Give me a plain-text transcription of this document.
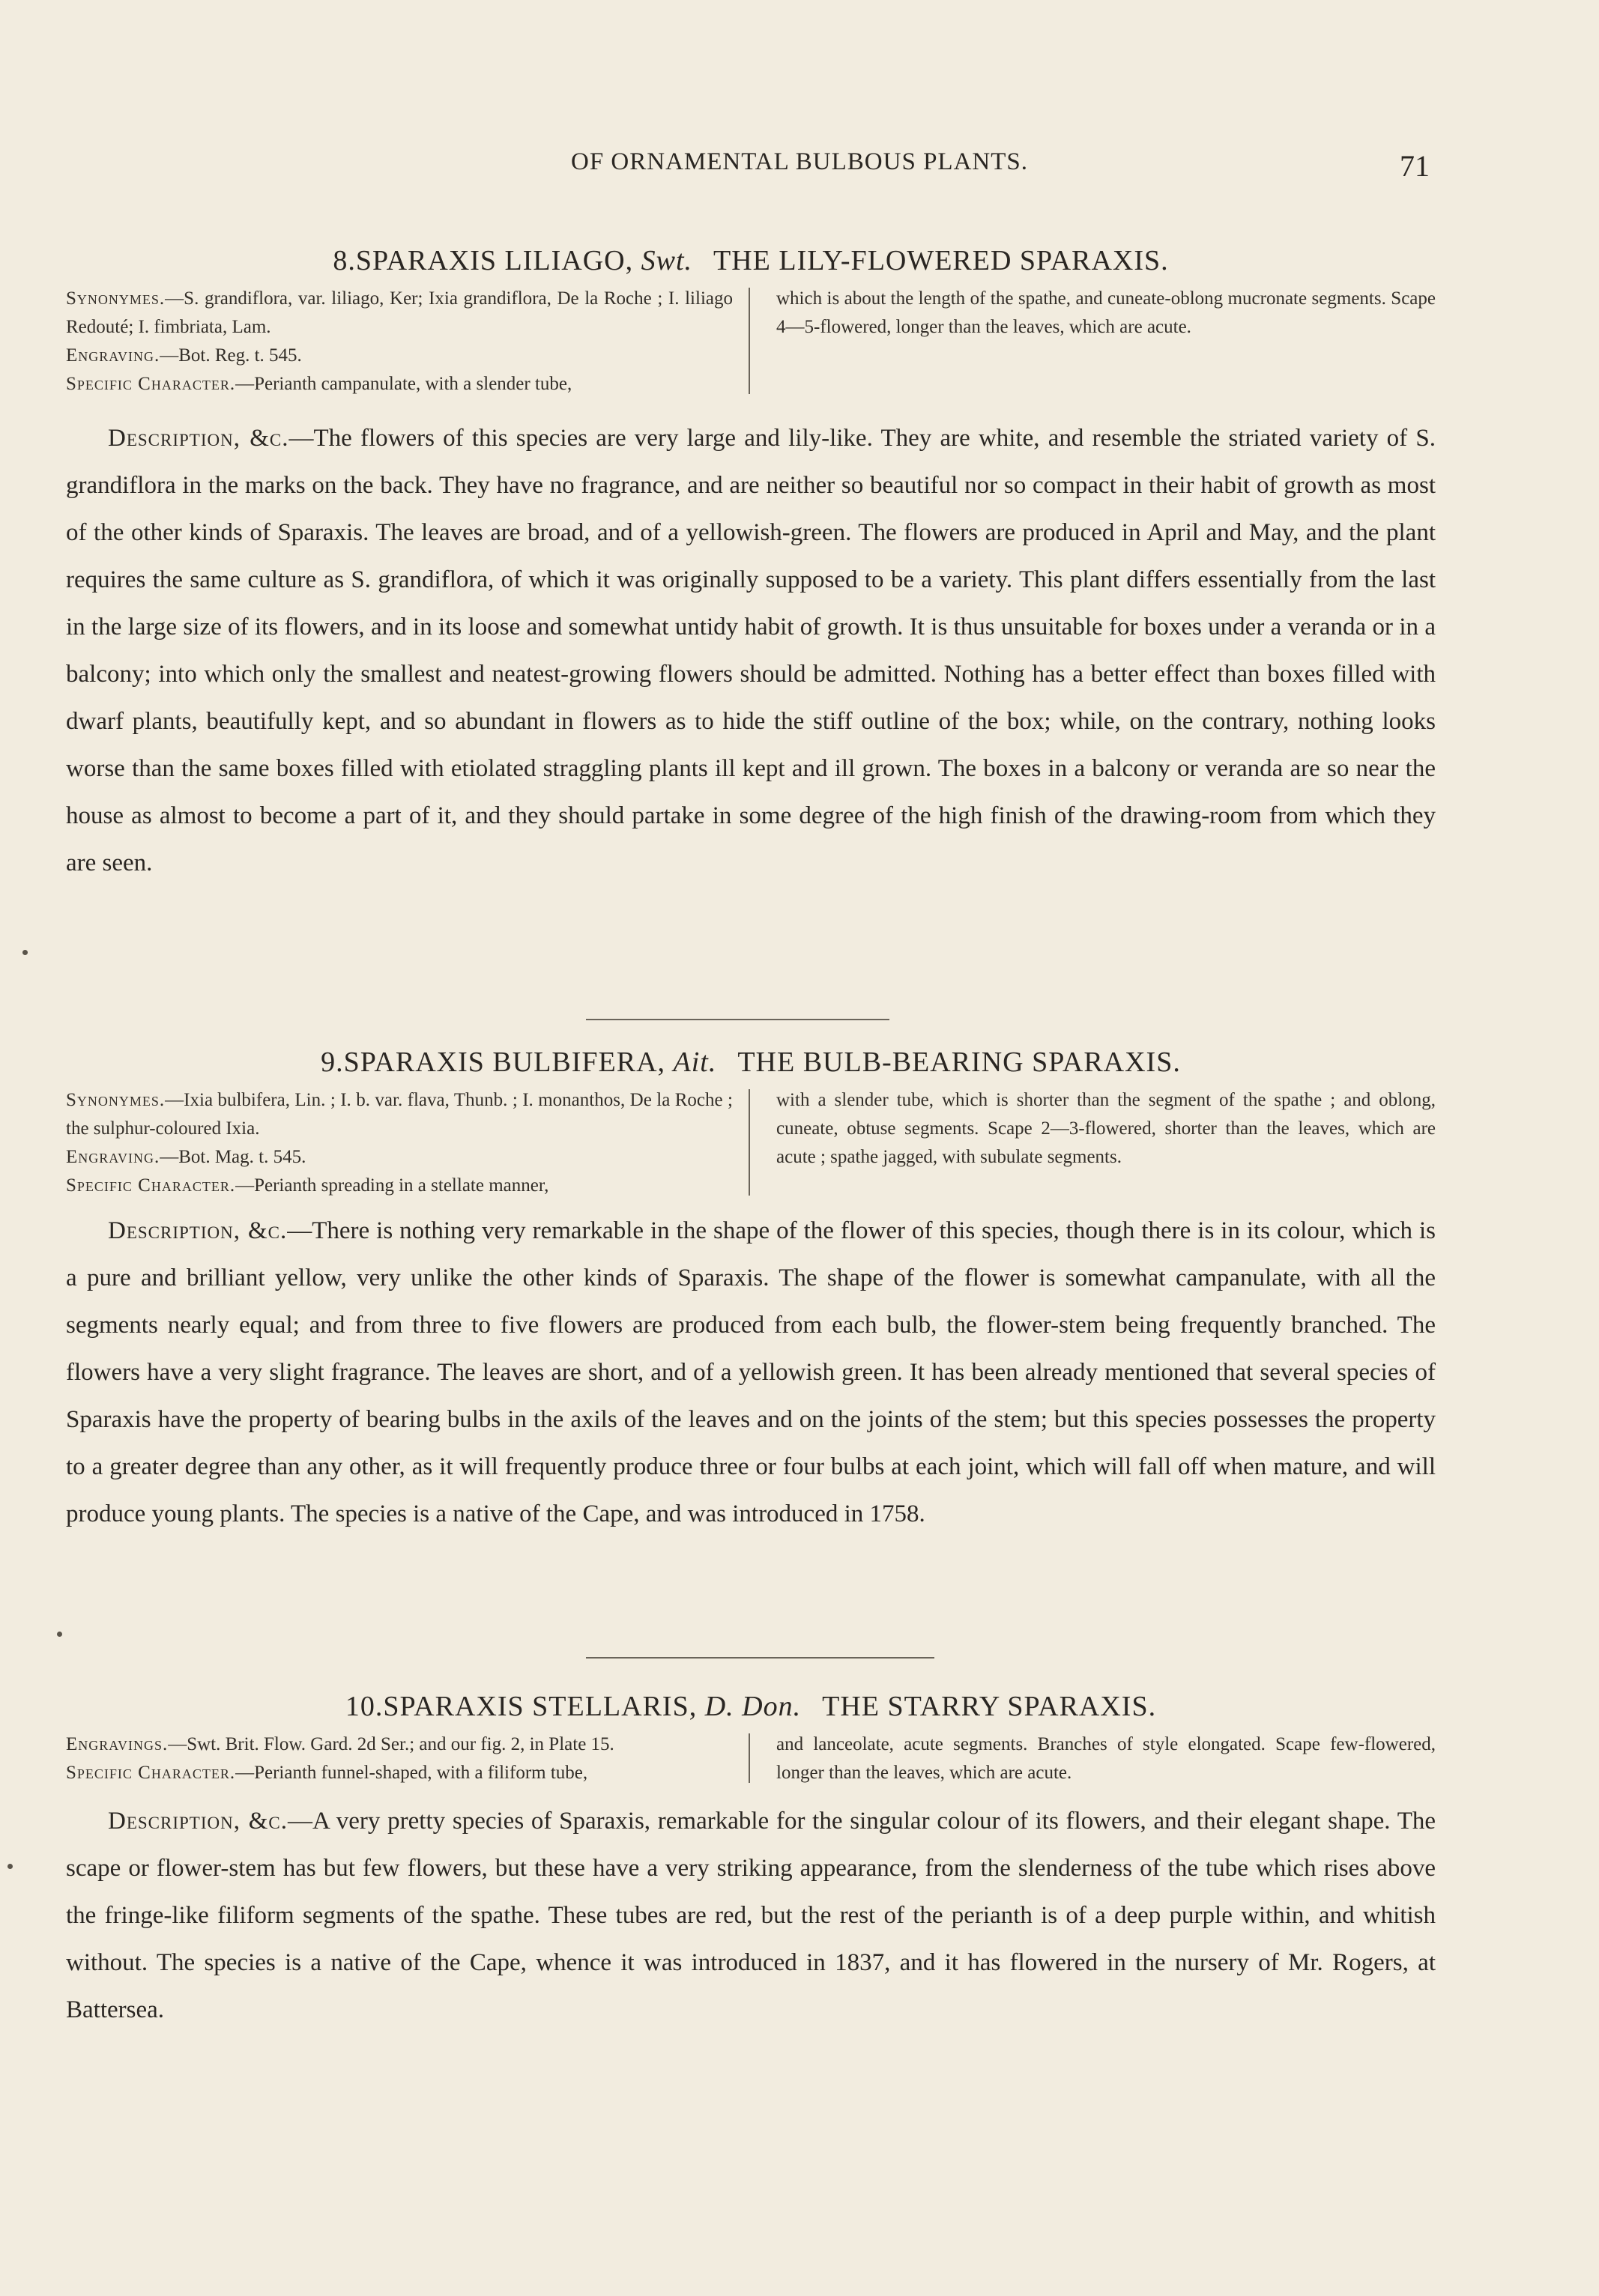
OF ORNAMENTAL BULBOUS PLANTS.	71
8.SPARAXIS LILIAGO, Swt. THE LILY-FLOWERED SPARAXIS.
Synonymes.—S. grandiflora, var. liliago, Ker; Ixia grandiflora, De la Roche ; I. liliago Redouté; I. fimbriata, Lam.
Engraving.—Bot. Reg. t. 545.
Specific Character.—Perianth campanulate, with a slender tube,
which is about the length of the spathe, and cuneate-oblong mucronate segments. Scape 4—5-flowered, longer than the leaves, which are acute.
Description, &c.—The flowers of this species are very large and lily-like. They are white, and resemble the striated variety of S. grandiflora in the marks on the back. They have no fragrance, and are neither so beautiful nor so compact in their habit of growth as most of the other kinds of Sparaxis. The leaves are broad, and of a yellowish-green. The flowers are produced in April and May, and the plant requires the same culture as S. grandiflora, of which it was originally supposed to be a variety. This plant differs essentially from the last in the large size of its flowers, and in its loose and somewhat untidy habit of growth. It is thus unsuitable for boxes under a veranda or in a balcony; into which only the smallest and neatest-growing flowers should be admitted. Nothing has a better effect than boxes filled with dwarf plants, beautifully kept, and so abundant in flowers as to hide the stiff outline of the box; while, on the contrary, nothing looks worse than the same boxes filled with etiolated straggling plants ill kept and ill grown. The boxes in a balcony or veranda are so near the house as almost to become a part of it, and they should partake in some degree of the high finish of the drawing-room from which they are seen.
9.SPARAXIS BULBIFERA, Ait. THE BULB-BEARING SPARAXIS.
Synonymes.—Ixia bulbifera, Lin. ; I. b. var. flava, Thunb. ; I. monanthos, De la Roche ; the sulphur-coloured Ixia.
Engraving.—Bot. Mag. t. 545.
Specific Character.—Perianth spreading in a stellate manner,
with a slender tube, which is shorter than the segment of the spathe ; and oblong, cuneate, obtuse segments. Scape 2—3-flowered, shorter than the leaves, which are acute ; spathe jagged, with subulate segments.
Description, &c.—There is nothing very remarkable in the shape of the flower of this species, though there is in its colour, which is a pure and brilliant yellow, very unlike the other kinds of Sparaxis. The shape of the flower is somewhat campanulate, with all the segments nearly equal; and from three to five flowers are produced from each bulb, the flower-stem being frequently branched. The flowers have a very slight fragrance. The leaves are short, and of a yellowish green. It has been already mentioned that several species of Sparaxis have the property of bearing bulbs in the axils of the leaves and on the joints of the stem; but this species possesses the property to a greater degree than any other, as it will frequently produce three or four bulbs at each joint, which will fall off when mature, and will produce young plants. The species is a native of the Cape, and was introduced in 1758.
10.SPARAXIS STELLARIS, D. Don. THE STARRY SPARAXIS.
Engravings.—Swt. Brit. Flow. Gard. 2d Ser.; and our fig. 2, in Plate 15.
Specific Character.—Perianth funnel-shaped, with a filiform tube,
and lanceolate, acute segments. Branches of style elongated. Scape few-flowered, longer than the leaves, which are acute.
Description, &c.—A very pretty species of Sparaxis, remarkable for the singular colour of its flowers, and their elegant shape. The scape or flower-stem has but few flowers, but these have a very striking appearance, from the slenderness of the tube which rises above the fringe-like filiform segments of the spathe. These tubes are red, but the rest of the perianth is of a deep purple within, and whitish without. The species is a native of the Cape, whence it was introduced in 1837, and it has flowered in the nursery of Mr. Rogers, at Battersea.
